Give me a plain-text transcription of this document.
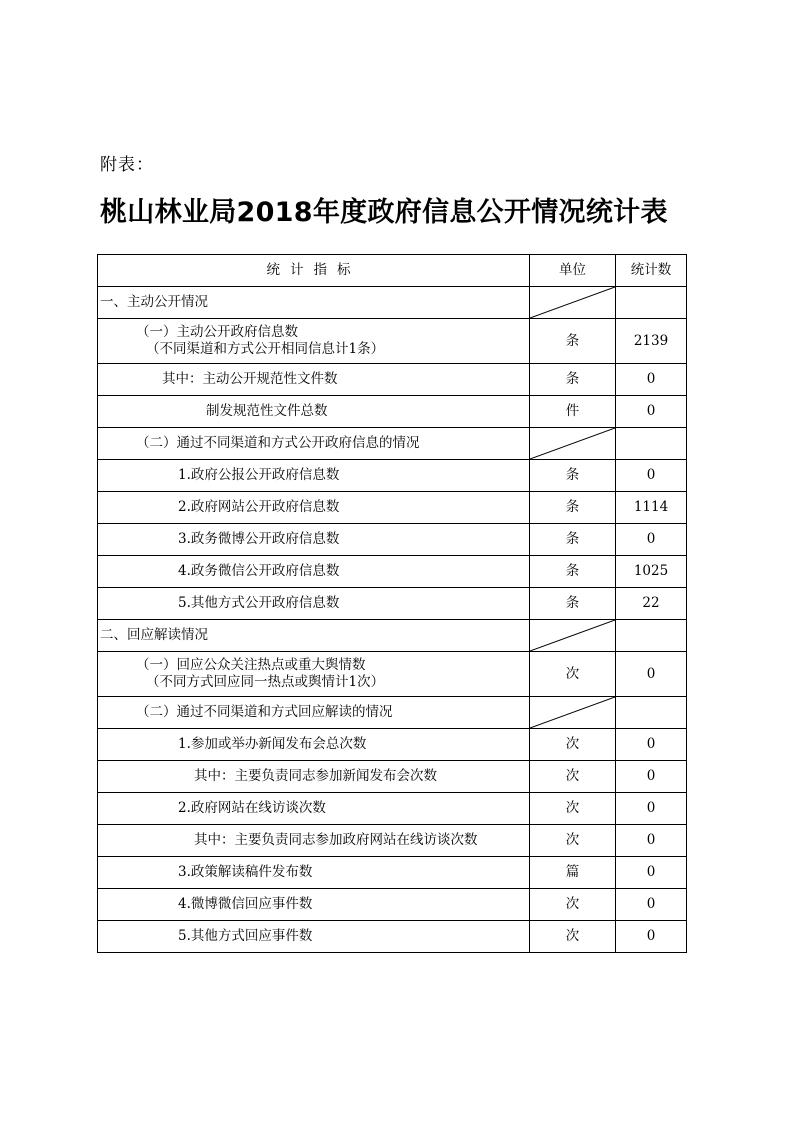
附表：
桃山林业局2018年度政府信息公开情况统计表
统计指标	单位	统计数
一、主动公开情况	

（一）主动公开政府信息数
（不同渠道和方式公开相同信息计1条）	条	2139
其中：主动公开规范性文件数	条	0
制发规范性文件总数	件	0
（二）通过不同渠道和方式公开政府信息的情况	

1.政府公报公开政府信息数	条	0
2.政府网站公开政府信息数	条	1114
3.政务微博公开政府信息数	条	0
4.政务微信公开政府信息数	条	1025
5.其他方式公开政府信息数	条	22
二、回应解读情况	

（一）回应公众关注热点或重大舆情数
（不同方式回应同一热点或舆情计1次）	次	0
（二）通过不同渠道和方式回应解读的情况	

1.参加或举办新闻发布会总次数	次	0
其中：主要负责同志参加新闻发布会次数	次	0
2.政府网站在线访谈次数	次	0
其中：主要负责同志参加政府网站在线访谈次数	次	0
3.政策解读稿件发布数	篇	0
4.微博微信回应事件数	次	0
5.其他方式回应事件数	次	0
